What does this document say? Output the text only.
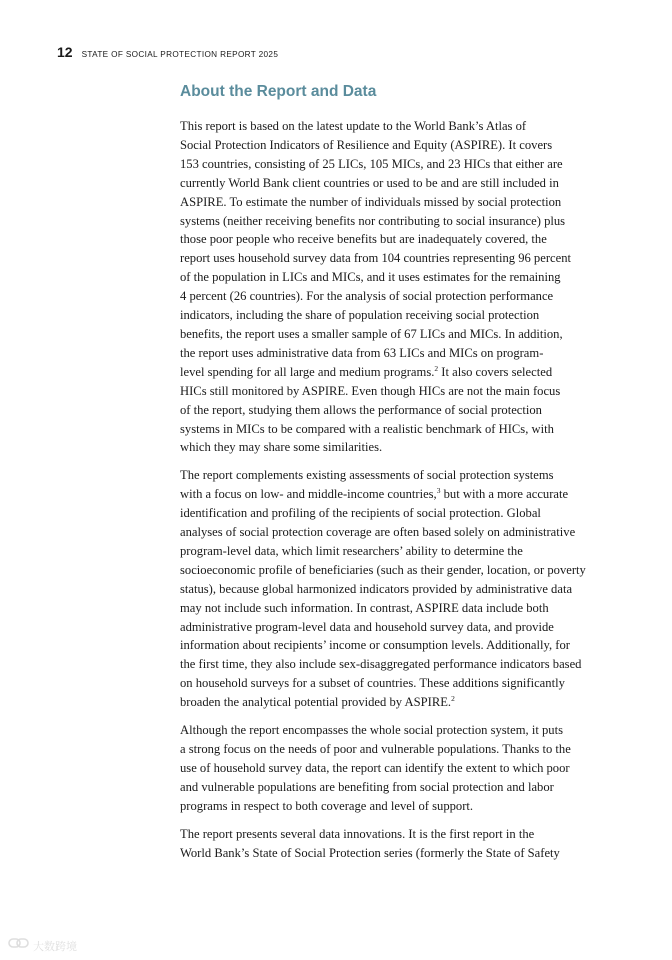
12 STATE OF SOCIAL PROTECTION REPORT 2025
About the Report and Data

This report is based on the latest update to the World Bank’s Atlas of
Social Protection Indicators of Resilience and Equity (ASPIRE). It covers
153 countries, consisting of 25 LICs, 105 MICs, and 23 HICs that either are
currently World Bank client countries or used to be and are still included in
ASPIRE. To estimate the number of individuals missed by social protection
systems (neither receiving benefits nor contributing to social insurance) plus
those poor people who receive benefits but are inadequately covered, the
report uses household survey data from 104 countries representing 96 percent
of the population in LICs and MICs, and it uses estimates for the remaining
4 percent (26 countries). For the analysis of social protection performance
indicators, including the share of population receiving social protection
benefits, the report uses a smaller sample of 67 LICs and MICs. In addition,
the report uses administrative data from 63 LICs and MICs on program-
level spending for all large and medium programs.$^2$ It also covers selected
HICs still monitored by ASPIRE. Even though HICs are not the main focus
of the report, studying them allows the performance of social protection
systems in MICs to be compared with a realistic benchmark of HICs, with
which they may share some similarities.

The report complements existing assessments of social protection systems
with a focus on low- and middle-income countries,$^3$ but with a more accurate
identification and profiling of the recipients of social protection. Global
analyses of social protection coverage are often based solely on administrative
program-level data, which limit researchers’ ability to determine the
socioeconomic profile of beneficiaries (such as their gender, location, or poverty
status), because global harmonized indicators provided by administrative data
may not include such information. In contrast, ASPIRE data include both
administrative program-level data and household survey data, and provide
information about recipients’ income or consumption levels. Additionally, for
the first time, they also include sex-disaggregated performance indicators based
on household surveys for a subset of countries. These additions significantly
broaden the analytical potential provided by ASPIRE.$^2$

Although the report encompasses the whole social protection system, it puts
a strong focus on the needs of poor and vulnerable populations. Thanks to the
use of household survey data, the report can identify the extent to which poor
and vulnerable populations are benefiting from social protection and labor
programs in respect to both coverage and level of support.

The report presents several data innovations. It is the first report in the
World Bank’s State of Social Protection series (formerly the State of Safety

大数跨境
